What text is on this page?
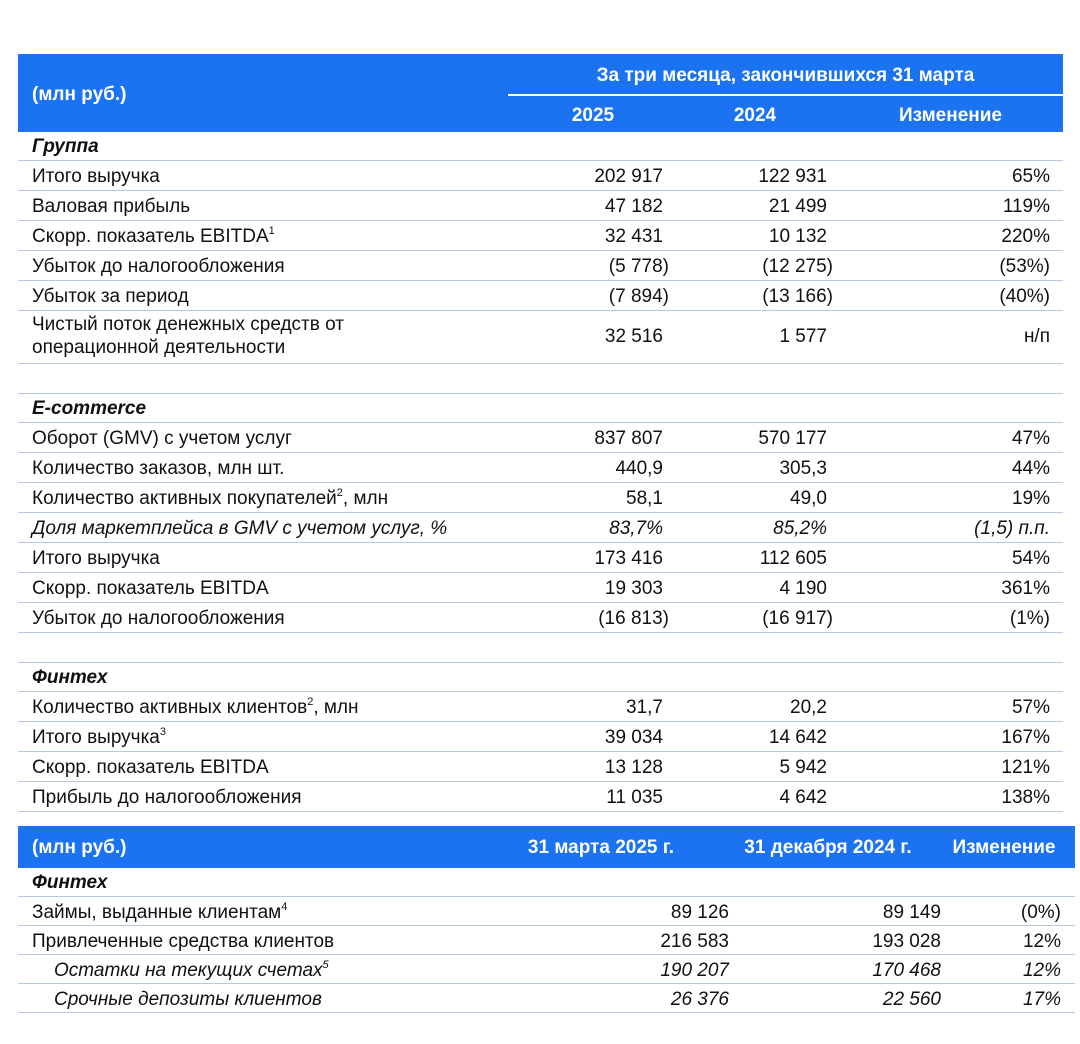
(млн руб.)
За три месяца, закончившихся 31 марта
2025	2024	Изменение
Группа
Итого выручка	202 917	122 931	65%
Валовая прибыль	47 182	21 499	119%
Скорр. показатель EBITDA$^1$	32 431	10 132	220%
Убыток до налогообложения	(5 778)	(12 275)	(53%)
Убыток за период	(7 894)	(13 166)	(40%)
Чистый поток денежных средств от
операционной деятельности
32 516	1 577	н/п
E-commerce
Оборот (GMV) с учетом услуг	837 807	570 177	47%
Количество заказов, млн шт.	440,9	305,3	44%
Количество активных покупателей$^2$, млн	58,1	49,0	19%
Доля маркетплейса в GMV с учетом услуг, %	83,7%	85,2%	(1,5) п.п.
Итого выручка	173 416	112 605	54%
Скорр. показатель EBITDA	19 303	4 190	361%
Убыток до налогообложения	(16 813)	(16 917)	(1%)
Финтех
Количество активных клиентов$^2$, млн	31,7	20,2	57%
Итого выручка$^3$	39 034	14 642	167%
Скорр. показатель EBITDA	13 128	5 942	121%
Прибыль до налогообложения	11 035	4 642	138%
(млн руб.)	31 марта 2025 г.	31 декабря 2024 г.	Изменение
Финтех
Займы, выданные клиентам$^4$	89 126	89 149	(0%)
Привлеченные средства клиентов	216 583	193 028	12%
Остатки на текущих счетах$^5$	190 207	170 468	12%
Срочные депозиты клиентов	26 376	22 560	17%
